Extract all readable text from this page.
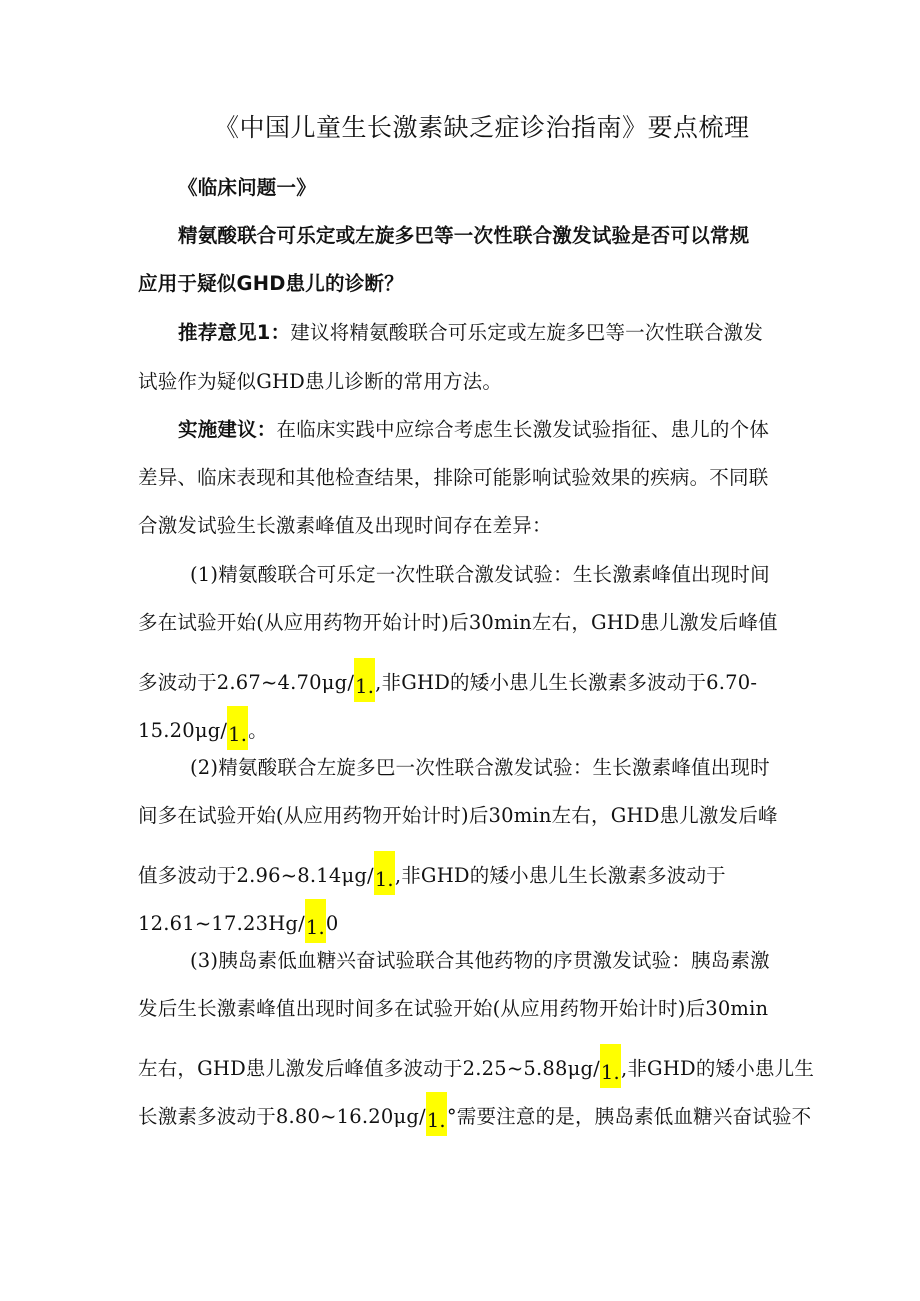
《中国儿童生长激素缺乏症诊治指南》要点梳理
《临床问题一》
精氨酸联合可乐定或左旋多巴等一次性联合激发试验是否可以常规
应用于疑似GHD患儿的诊断？
推荐意见1：建议将精氨酸联合可乐定或左旋多巴等一次性联合激发
试验作为疑似GHD患儿诊断的常用方法。
实施建议：在临床实践中应综合考虑生长激发试验指征、患儿的个体
差异、临床表现和其他检查结果，排除可能影响试验效果的疾病。不同联
合激发试验生长激素峰值及出现时间存在差异：
(1)精氨酸联合可乐定一次性联合激发试验：生长激素峰值出现时间
多在试验开始(从应用药物开始计时)后30min左右，GHD患儿激发后峰值
多波动于2.67~4.70μg∕1.,非GHD的矮小患儿生长激素多波动于6.70-
15.20μg∕1.。
(2)精氨酸联合左旋多巴一次性联合激发试验：生长激素峰值出现时
间多在试验开始(从应用药物开始计时)后30min左右，GHD患儿激发后峰
值多波动于2.96~8.14μg∕1.,非GHD的矮小患儿生长激素多波动于
12.61~17.23Hg∕1.0
(3)胰岛素低血糖兴奋试验联合其他药物的序贯激发试验：胰岛素激
发后生长激素峰值出现时间多在试验开始(从应用药物开始计时)后30min
左右，GHD患儿激发后峰值多波动于2.25~5.88μg∕1.,非GHD的矮小患儿生
长激素多波动于8.80~16.20μg∕1.°需要注意的是，胰岛素低血糖兴奋试验不
